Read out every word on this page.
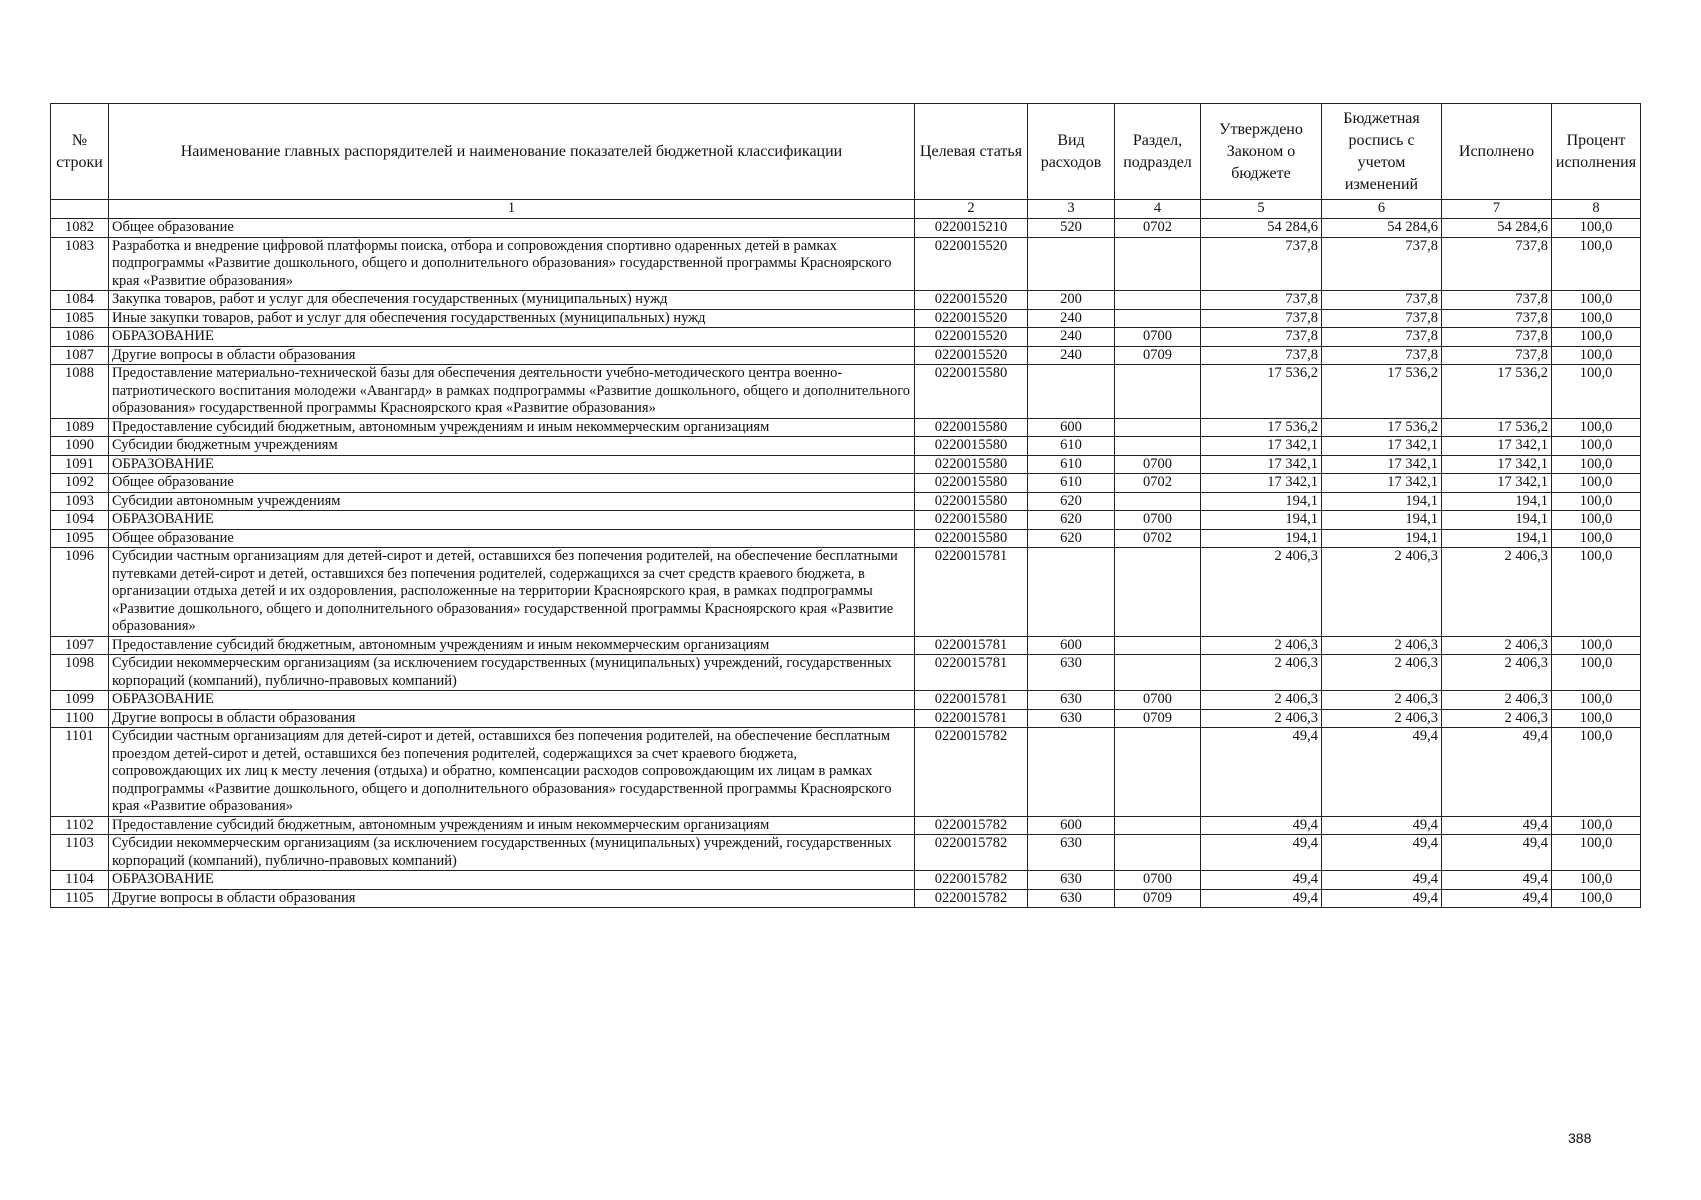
№ строки	Наименование главных распорядителей и наименование показателей бюджетной классификации	Целевая статья	Вид расходов	Раздел, подраздел	Утверждено Законом о бюджете	Бюджетная роспись с учетом изменений	Исполнено	Процент исполнения
	1	2	3	4	5	6	7	8
1082	Общее образование	0220015210	520	0702	54 284,6	54 284,6	54 284,6	100,0
1083	Разработка и внедрение цифровой платформы поиска, отбора и сопровождения спортивно одаренных детей в рамках подпрограммы «Развитие дошкольного, общего и дополнительного образования» государственной программы Красноярского края «Развитие образования»	0220015520			737,8	737,8	737,8	100,0
1084	Закупка товаров, работ и услуг для обеспечения государственных (муниципальных) нужд	0220015520	200		737,8	737,8	737,8	100,0
1085	Иные закупки товаров, работ и услуг для обеспечения государственных (муниципальных) нужд	0220015520	240		737,8	737,8	737,8	100,0
1086	ОБРАЗОВАНИЕ	0220015520	240	0700	737,8	737,8	737,8	100,0
1087	Другие вопросы в области образования	0220015520	240	0709	737,8	737,8	737,8	100,0
1088	Предоставление материально-технической базы для обеспечения деятельности учебно-методического центра военно-патриотического воспитания молодежи «Авангард» в рамках подпрограммы «Развитие дошкольного, общего и дополнительного образования» государственной программы Красноярского края «Развитие образования»	0220015580			17 536,2	17 536,2	17 536,2	100,0
1089	Предоставление субсидий бюджетным, автономным учреждениям и иным некоммерческим организациям	0220015580	600		17 536,2	17 536,2	17 536,2	100,0
1090	Субсидии бюджетным учреждениям	0220015580	610		17 342,1	17 342,1	17 342,1	100,0
1091	ОБРАЗОВАНИЕ	0220015580	610	0700	17 342,1	17 342,1	17 342,1	100,0
1092	Общее образование	0220015580	610	0702	17 342,1	17 342,1	17 342,1	100,0
1093	Субсидии автономным учреждениям	0220015580	620		194,1	194,1	194,1	100,0
1094	ОБРАЗОВАНИЕ	0220015580	620	0700	194,1	194,1	194,1	100,0
1095	Общее образование	0220015580	620	0702	194,1	194,1	194,1	100,0
1096	Субсидии частным организациям для детей-сирот и детей, оставшихся без попечения родителей, на обеспечение бесплатными путевками детей-сирот и детей, оставшихся без попечения родителей, содержащихся за счет средств краевого бюджета, в организации отдыха детей и их оздоровления, расположенные на территории Красноярского края, в рамках подпрограммы «Развитие дошкольного, общего и дополнительного образования» государственной программы Красноярского края «Развитие образования»	0220015781			2 406,3	2 406,3	2 406,3	100,0
1097	Предоставление субсидий бюджетным, автономным учреждениям и иным некоммерческим организациям	0220015781	600		2 406,3	2 406,3	2 406,3	100,0
1098	Субсидии некоммерческим организациям (за исключением государственных (муниципальных) учреждений, государственных корпораций (компаний), публично-правовых компаний)	0220015781	630		2 406,3	2 406,3	2 406,3	100,0
1099	ОБРАЗОВАНИЕ	0220015781	630	0700	2 406,3	2 406,3	2 406,3	100,0
1100	Другие вопросы в области образования	0220015781	630	0709	2 406,3	2 406,3	2 406,3	100,0
1101	Субсидии частным организациям для детей-сирот и детей, оставшихся без попечения родителей, на обеспечение бесплатным проездом детей-сирот и детей, оставшихся без попечения родителей, содержащихся за счет краевого бюджета, сопровождающих их лиц к месту лечения (отдыха) и обратно, компенсации расходов сопровождающим их лицам в рамках подпрограммы «Развитие дошкольного, общего и дополнительного образования» государственной программы Красноярского края «Развитие образования»	0220015782			49,4	49,4	49,4	100,0
1102	Предоставление субсидий бюджетным, автономным учреждениям и иным некоммерческим организациям	0220015782	600		49,4	49,4	49,4	100,0
1103	Субсидии некоммерческим организациям (за исключением государственных (муниципальных) учреждений, государственных корпораций (компаний), публично-правовых компаний)	0220015782	630		49,4	49,4	49,4	100,0
1104	ОБРАЗОВАНИЕ	0220015782	630	0700	49,4	49,4	49,4	100,0
1105	Другие вопросы в области образования	0220015782	630	0709	49,4	49,4	49,4	100,0
388
